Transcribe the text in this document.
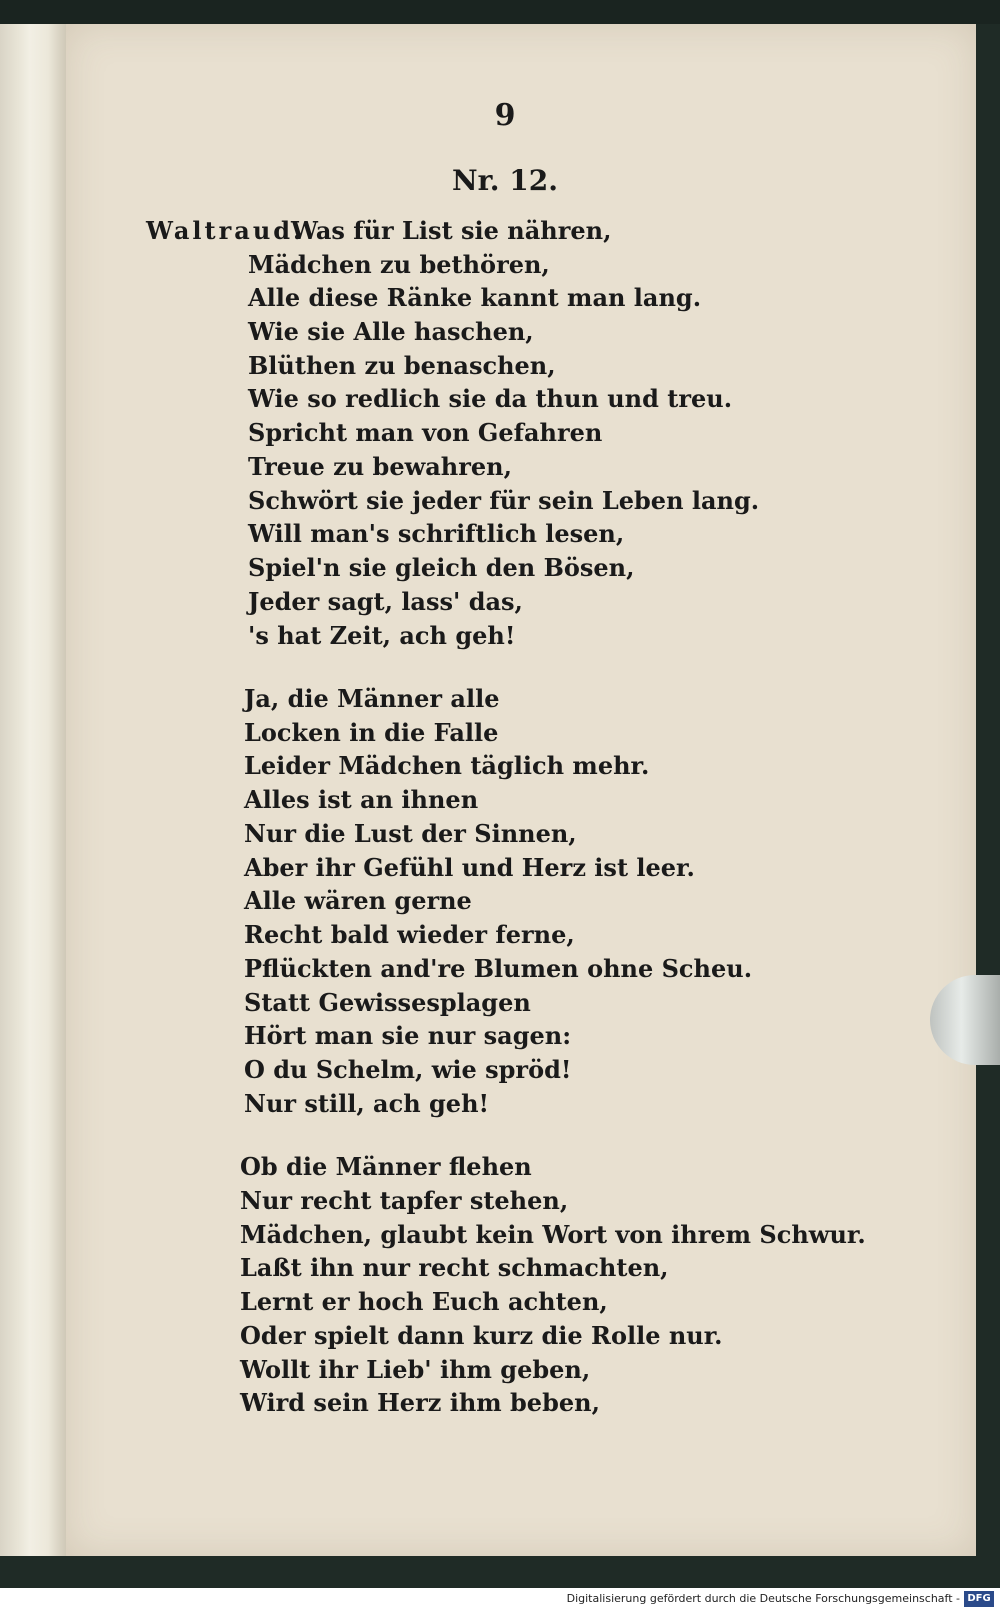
9
Nr. 12.
Waltraud.
Was für List sie nähren,
Mädchen zu bethören,
Alle diese Ränke kannt man lang.
Wie sie Alle haschen,
Blüthen zu benaschen,
Wie so redlich sie da thun und treu.
Spricht man von Gefahren
Treue zu bewahren,
Schwört sie jeder für sein Leben lang.
Will man's schriftlich lesen,
Spiel'n sie gleich den Bösen,
Jeder sagt, lass' das,
's hat Zeit, ach geh!
Ja, die Männer alle
Locken in die Falle
Leider Mädchen täglich mehr.
Alles ist an ihnen
Nur die Lust der Sinnen,
Aber ihr Gefühl und Herz ist leer.
Alle wären gerne
Recht bald wieder ferne,
Pflückten and're Blumen ohne Scheu.
Statt Gewissesplagen
Hört man sie nur sagen:
O du Schelm, wie spröd!
Nur still, ach geh!
Ob die Männer flehen
Nur recht tapfer stehen,
Mädchen, glaubt kein Wort von ihrem Schwur.
Laßt ihn nur recht schmachten,
Lernt er hoch Euch achten,
Oder spielt dann kurz die Rolle nur.
Wollt ihr Lieb' ihm geben,
Wird sein Herz ihm beben,
Digitalisierung gefördert durch die Deutsche Forschungsgemeinschaft - DFG
